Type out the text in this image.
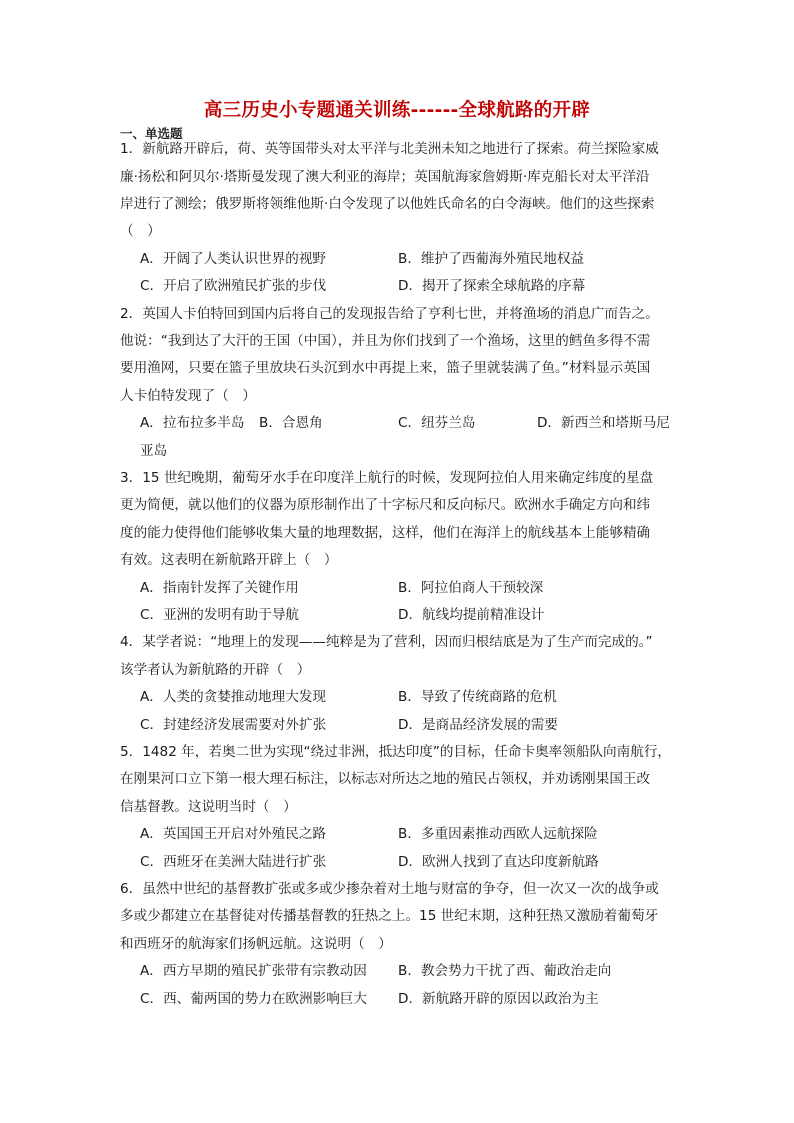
高三历史小专题通关训练------全球航路的开辟
一、单选题
1．新航路开辟后，荷、英等国带头对太平洋与北美洲未知之地进行了探索。荷兰探险家威
廉·扬松和阿贝尔·塔斯曼发现了澳大利亚的海岸；英国航海家詹姆斯·库克船长对太平洋沿
岸进行了测绘；俄罗斯将领维他斯·白令发现了以他姓氏命名的白令海峡。他们的这些探索
（　）
A．开阔了人类认识世界的视野	B．维护了西葡海外殖民地权益
C．开启了欧洲殖民扩张的步伐	D．揭开了探索全球航路的序幕
2．英国人卡伯特回到国内后将自己的发现报告给了亨利七世，并将渔场的消息广而告之。
他说：“我到达了大汗的王国（中国），并且为你们找到了一个渔场，这里的鳕鱼多得不需
要用渔网，只要在篮子里放块石头沉到水中再提上来，篮子里就装满了鱼。”材料显示英国
人卡伯特发现了（　）
A．拉布拉多半岛 B．合恩角	C．纽芬兰岛	D．新西兰和塔斯马尼
亚岛
3．15 世纪晚期，葡萄牙水手在印度洋上航行的时候，发现阿拉伯人用来确定纬度的星盘
更为简便，就以他们的仪器为原形制作出了十字标尺和反向标尺。欧洲水手确定方向和纬
度的能力使得他们能够收集大量的地理数据，这样，他们在海洋上的航线基本上能够精确
有效。这表明在新航路开辟上（　）
A．指南针发挥了关键作用	B．阿拉伯商人干预较深
C．亚洲的发明有助于导航	D．航线均提前精准设计
4．某学者说：“地理上的发现——纯粹是为了营利，因而归根结底是为了生产而完成的。”
该学者认为新航路的开辟（　）
A．人类的贪婪推动地理大发现	B．导致了传统商路的危机
C．封建经济发展需要对外扩张	D．是商品经济发展的需要
5．1482 年，若奥二世为实现“绕过非洲，抵达印度”的目标，任命卡奥率领船队向南航行，
在刚果河口立下第一根大理石标注，以标志对所达之地的殖民占领权，并劝诱刚果国王改
信基督教。这说明当时（　）
A．英国国王开启对外殖民之路	B．多重因素推动西欧人远航探险
C．西班牙在美洲大陆进行扩张	D．欧洲人找到了直达印度新航路
6．虽然中世纪的基督教扩张或多或少掺杂着对土地与财富的争夺，但一次又一次的战争或
多或少都建立在基督徒对传播基督教的狂热之上。15 世纪末期，这种狂热又激励着葡萄牙
和西班牙的航海家们扬帆远航。这说明（　）
A．西方早期的殖民扩张带有宗教动因 B．教会势力干扰了西、葡政治走向
C．西、葡两国的势力在欧洲影响巨大 D．新航路开辟的原因以政治为主
